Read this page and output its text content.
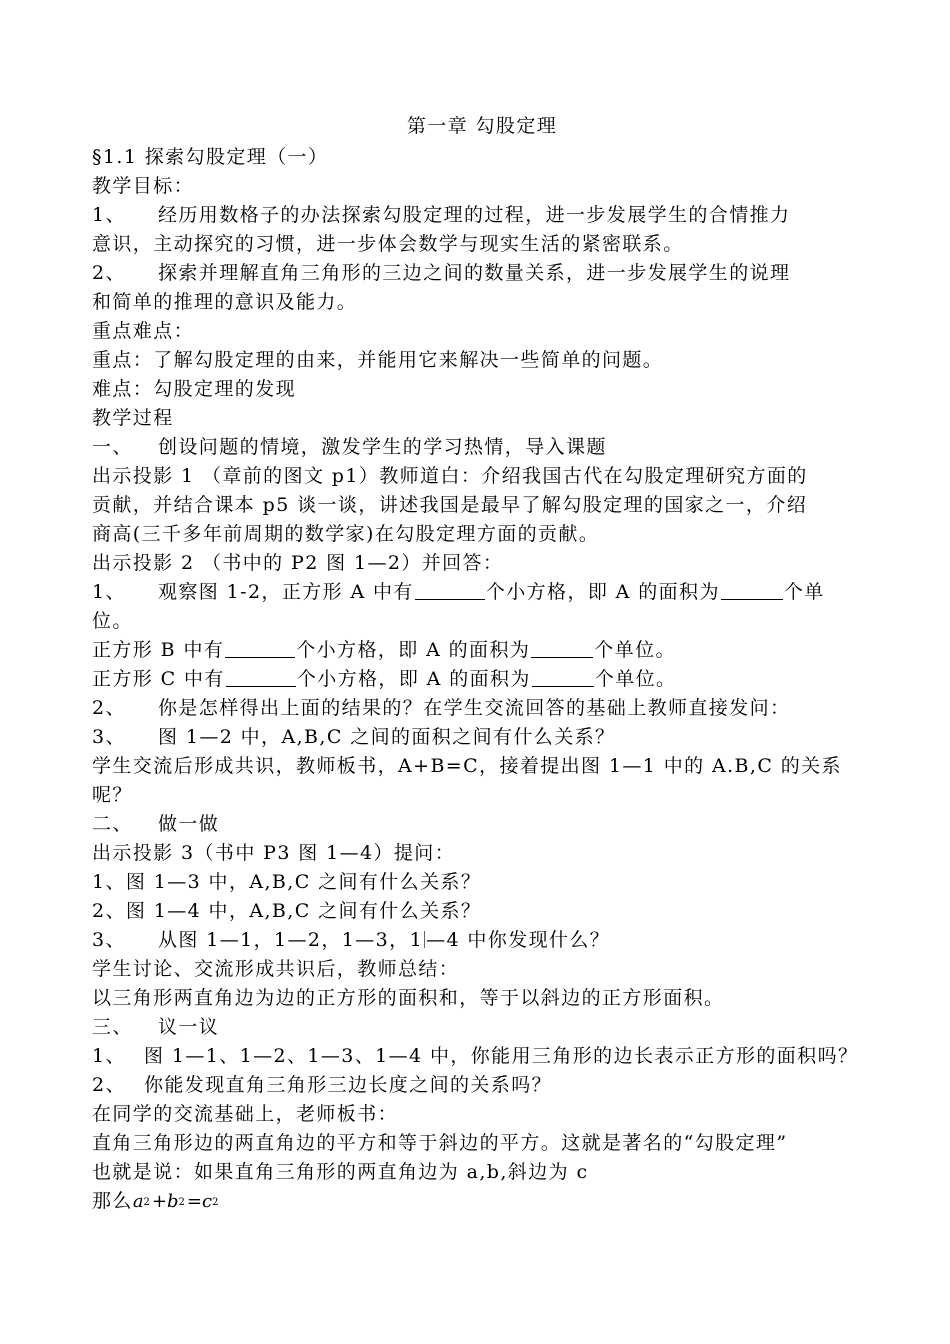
第一章 勾股定理
§1.1 探索勾股定理（一）
教学目标：
1、 经历用数格子的办法探索勾股定理的过程，进一步发展学生的合情推力
意识，主动探究的习惯，进一步体会数学与现实生活的紧密联系。
2、 探索并理解直角三角形的三边之间的数量关系，进一步发展学生的说理
和简单的推理的意识及能力。
重点难点：
重点：了解勾股定理的由来，并能用它来解决一些简单的问题。
难点：勾股定理的发现
教学过程
一、 创设问题的情境，激发学生的学习热情，导入课题
出示投影 1 （章前的图文 p1）教师道白：介绍我国古代在勾股定理研究方面的
贡献，并结合课本 p5 谈一谈，讲述我国是最早了解勾股定理的国家之一，介绍
商高(三千多年前周期的数学家)在勾股定理方面的贡献。
出示投影 2 （书中的 P2 图 1—2）并回答：
1、 观察图 1-2，正方形 A 中有	个小方格，即 A 的面积为	个单
位。
正方形 B 中有	个小方格，即 A 的面积为	个单位。
正方形 C 中有	个小方格，即 A 的面积为	个单位。
2、 你是怎样得出上面的结果的？在学生交流回答的基础上教师直接发问：
3、 图 1—2 中，A,B,C 之间的面积之间有什么关系？
学生交流后形成共识，教师板书，A+B=C，接着提出图 1—1 中的 A.B,C 的关系
呢？
二、 做一做
出示投影 3（书中 P3 图 1—4）提问：
1、图 1—3 中，A,B,C 之间有什么关系？
2、图 1—4 中，A,B,C 之间有什么关系？
3、 从图 1—1，1—2，1—3，1 —4 中你发现什么？
学生讨论、交流形成共识后，教师总结：
以三角形两直角边为边的正方形的面积和，等于以斜边的正方形面积。
三、 议一议
1、 图 1—1、1—2、1—3、1—4 中，你能用三角形的边长表示正方形的面积吗？
2、 你能发现直角三角形三边长度之间的关系吗？
在同学的交流基础上，老师板书：
直角三角形边的两直角边的平方和等于斜边的平方。这就是著名的“勾股定理”
也就是说：如果直角三角形的两直角边为 a,b,斜边为 c
那么$a^2 +b^2 =c^2$
